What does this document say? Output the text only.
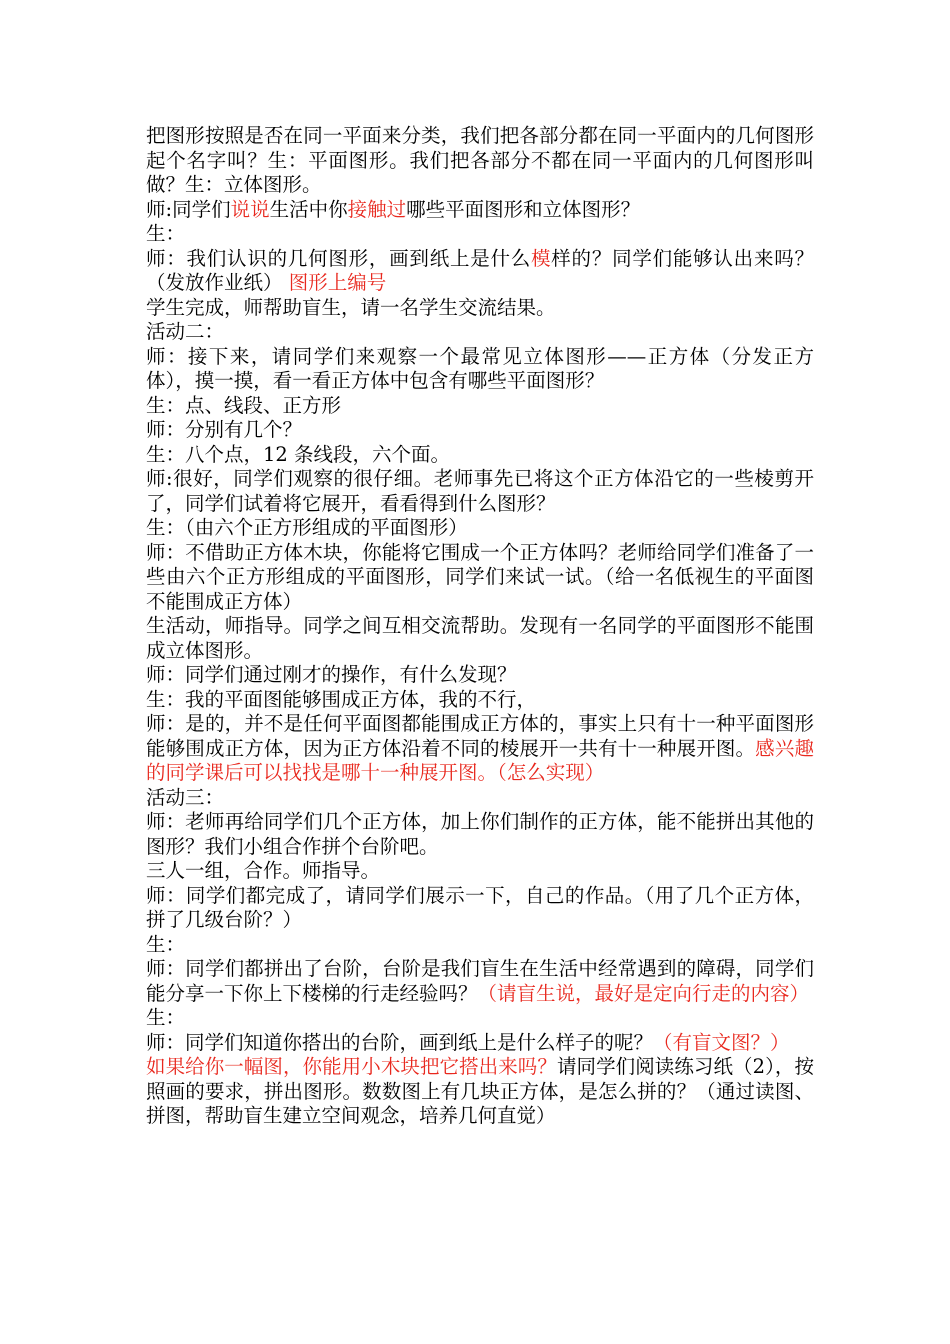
把图形按照是否在同一平面来分类，我们把各部分都在同一平面内的几何图形起个名字叫？生：平面图形。我们把各部分不都在同一平面内的几何图形叫做？生：立体图形。
师:同学们说说生活中你接触过哪些平面图形和立体图形？
生：
师：我们认识的几何图形，画到纸上是什么模样的？同学们能够认出来吗？（发放作业纸） 图形上编号
学生完成，师帮助盲生，请一名学生交流结果。
活动二：
师：接下来，请同学们来观察一个最常见立体图形——正方体（分发正方体），摸一摸，看一看正方体中包含有哪些平面图形？
生：点、线段、正方形
师：分别有几个？
生：八个点，12 条线段，六个面。
师:很好，同学们观察的很仔细。老师事先已将这个正方体沿它的一些棱剪开了，同学们试着将它展开，看看得到什么图形？
生：（由六个正方形组成的平面图形）
师：不借助正方体木块，你能将它围成一个正方体吗？老师给同学们准备了一些由六个正方形组成的平面图形，同学们来试一试。（给一名低视生的平面图不能围成正方体）
生活动，师指导。同学之间互相交流帮助。发现有一名同学的平面图形不能围成立体图形。
师：同学们通过刚才的操作，有什么发现？
生：我的平面图能够围成正方体，我的不行，
师：是的，并不是任何平面图都能围成正方体的，事实上只有十一种平面图形能够围成正方体，因为正方体沿着不同的棱展开一共有十一种展开图。感兴趣的同学课后可以找找是哪十一种展开图。（怎么实现）
活动三：
师：老师再给同学们几个正方体，加上你们制作的正方体，能不能拼出其他的图形？我们小组合作拼个台阶吧。
三人一组，合作。师指导。
师：同学们都完成了，请同学们展示一下，自己的作品。（用了几个正方体，拼了几级台阶？）
生：
师：同学们都拼出了台阶，台阶是我们盲生在生活中经常遇到的障碍，同学们能分享一下你上下楼梯的行走经验吗？（请盲生说，最好是定向行走的内容）
生：
师：同学们知道你搭出的台阶，画到纸上是什么样子的呢？（有盲文图？）
如果给你一幅图，你能用小木块把它搭出来吗？请同学们阅读练习纸（2），按照画的要求，拼出图形。数数图上有几块正方体，是怎么拼的？（通过读图、拼图，帮助盲生建立空间观念，培养几何直觉）
